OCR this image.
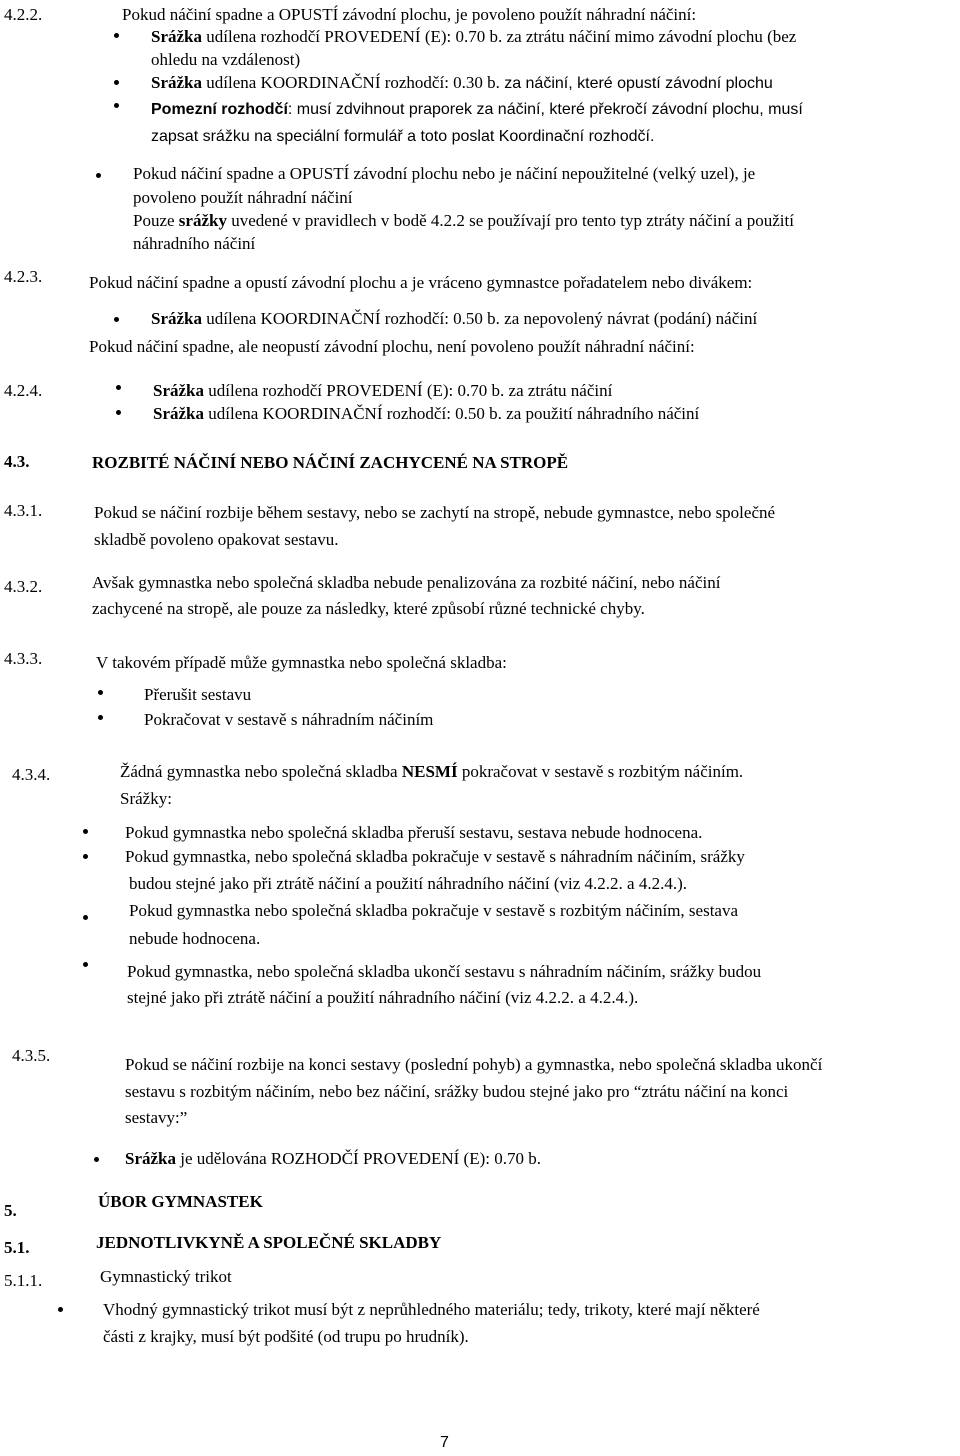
4.2.2.	Pokud náčiní spadne a OPUSTÍ závodní plochu, je povoleno použít náhradní náčiní:
Srážka udílena rozhodčí PROVEDENÍ (E): 0.70 b. za ztrátu náčiní mimo závodní plochu (bez
ohledu na vzdálenost)
Srážka udílena KOORDINAČNÍ rozhodčí: 0.30 b. za náčiní, které opustí závodní plochu
Pomezní rozhodčí: musí zdvihnout praporek za náčiní, které překročí závodní plochu, musí
zapsat srážku na speciální formulář a toto poslat Koordinační rozhodčí.
Pokud náčiní spadne a OPUSTÍ závodní plochu nebo je náčiní nepoužitelné (velký uzel), je
povoleno použít náhradní náčiní
Pouze srážky uvedené v pravidlech v bodě 4.2.2 se používají pro tento typ ztráty náčiní a použití
náhradního náčiní
4.2.3.	Pokud náčiní spadne a opustí závodní plochu a je vráceno gymnastce pořadatelem nebo divákem:
Srážka udílena KOORDINAČNÍ rozhodčí: 0.50 b. za nepovolený návrat (podání) náčiní
Pokud náčiní spadne, ale neopustí závodní plochu, není povoleno použít náhradní náčiní:
4.2.4.	Srážka udílena rozhodčí PROVEDENÍ (E): 0.70 b. za ztrátu náčiní
Srážka udílena KOORDINAČNÍ rozhodčí: 0.50 b. za použití náhradního náčiní
4.3.	ROZBITÉ NÁČINÍ NEBO NÁČINÍ ZACHYCENÉ NA STROPĚ
4.3.1.	Pokud se náčiní rozbije během sestavy, nebo se zachytí na stropě, nebude gymnastce, nebo společné
skladbě povoleno opakovat sestavu.
4.3.2.	Avšak gymnastka nebo společná skladba nebude penalizována za rozbité náčiní, nebo náčiní
zachycené na stropě, ale pouze za následky, které způsobí různé technické chyby.
4.3.3.	V takovém případě může gymnastka nebo společná skladba:
Přerušit sestavu
Pokračovat v sestavě s náhradním náčiním
4.3.4.	Žádná gymnastka nebo společná skladba NESMÍ pokračovat v sestavě s rozbitým náčiním.
Srážky:
Pokud gymnastka nebo společná skladba přeruší sestavu, sestava nebude hodnocena.
Pokud gymnastka, nebo společná skladba pokračuje v sestavě s náhradním náčiním, srážky
budou stejné jako při ztrátě náčiní a použití náhradního náčiní (viz 4.2.2. a 4.2.4.).
Pokud gymnastka nebo společná skladba pokračuje v sestavě s rozbitým náčiním, sestava
nebude hodnocena.
Pokud gymnastka, nebo společná skladba ukončí sestavu s náhradním náčiním, srážky budou
stejné jako při ztrátě náčiní a použití náhradního náčiní (viz 4.2.2. a 4.2.4.).
4.3.5.	Pokud se náčiní rozbije na konci sestavy (poslední pohyb) a gymnastka, nebo společná skladba ukončí
sestavu s rozbitým náčiním, nebo bez náčiní, srážky budou stejné jako pro “ztrátu náčiní na konci
sestavy:”
Srážka je udělována ROZHODČÍ PROVEDENÍ (E): 0.70 b.
5.	ÚBOR GYMNASTEK
5.1.	JEDNOTLIVKYNĚ A SPOLEČNÉ SKLADBY
5.1.1.	Gymnastický trikot
Vhodný gymnastický trikot musí být z neprůhledného materiálu; tedy, trikoty, které mají některé
části z krajky, musí být podšité (od trupu po hrudník).
7
